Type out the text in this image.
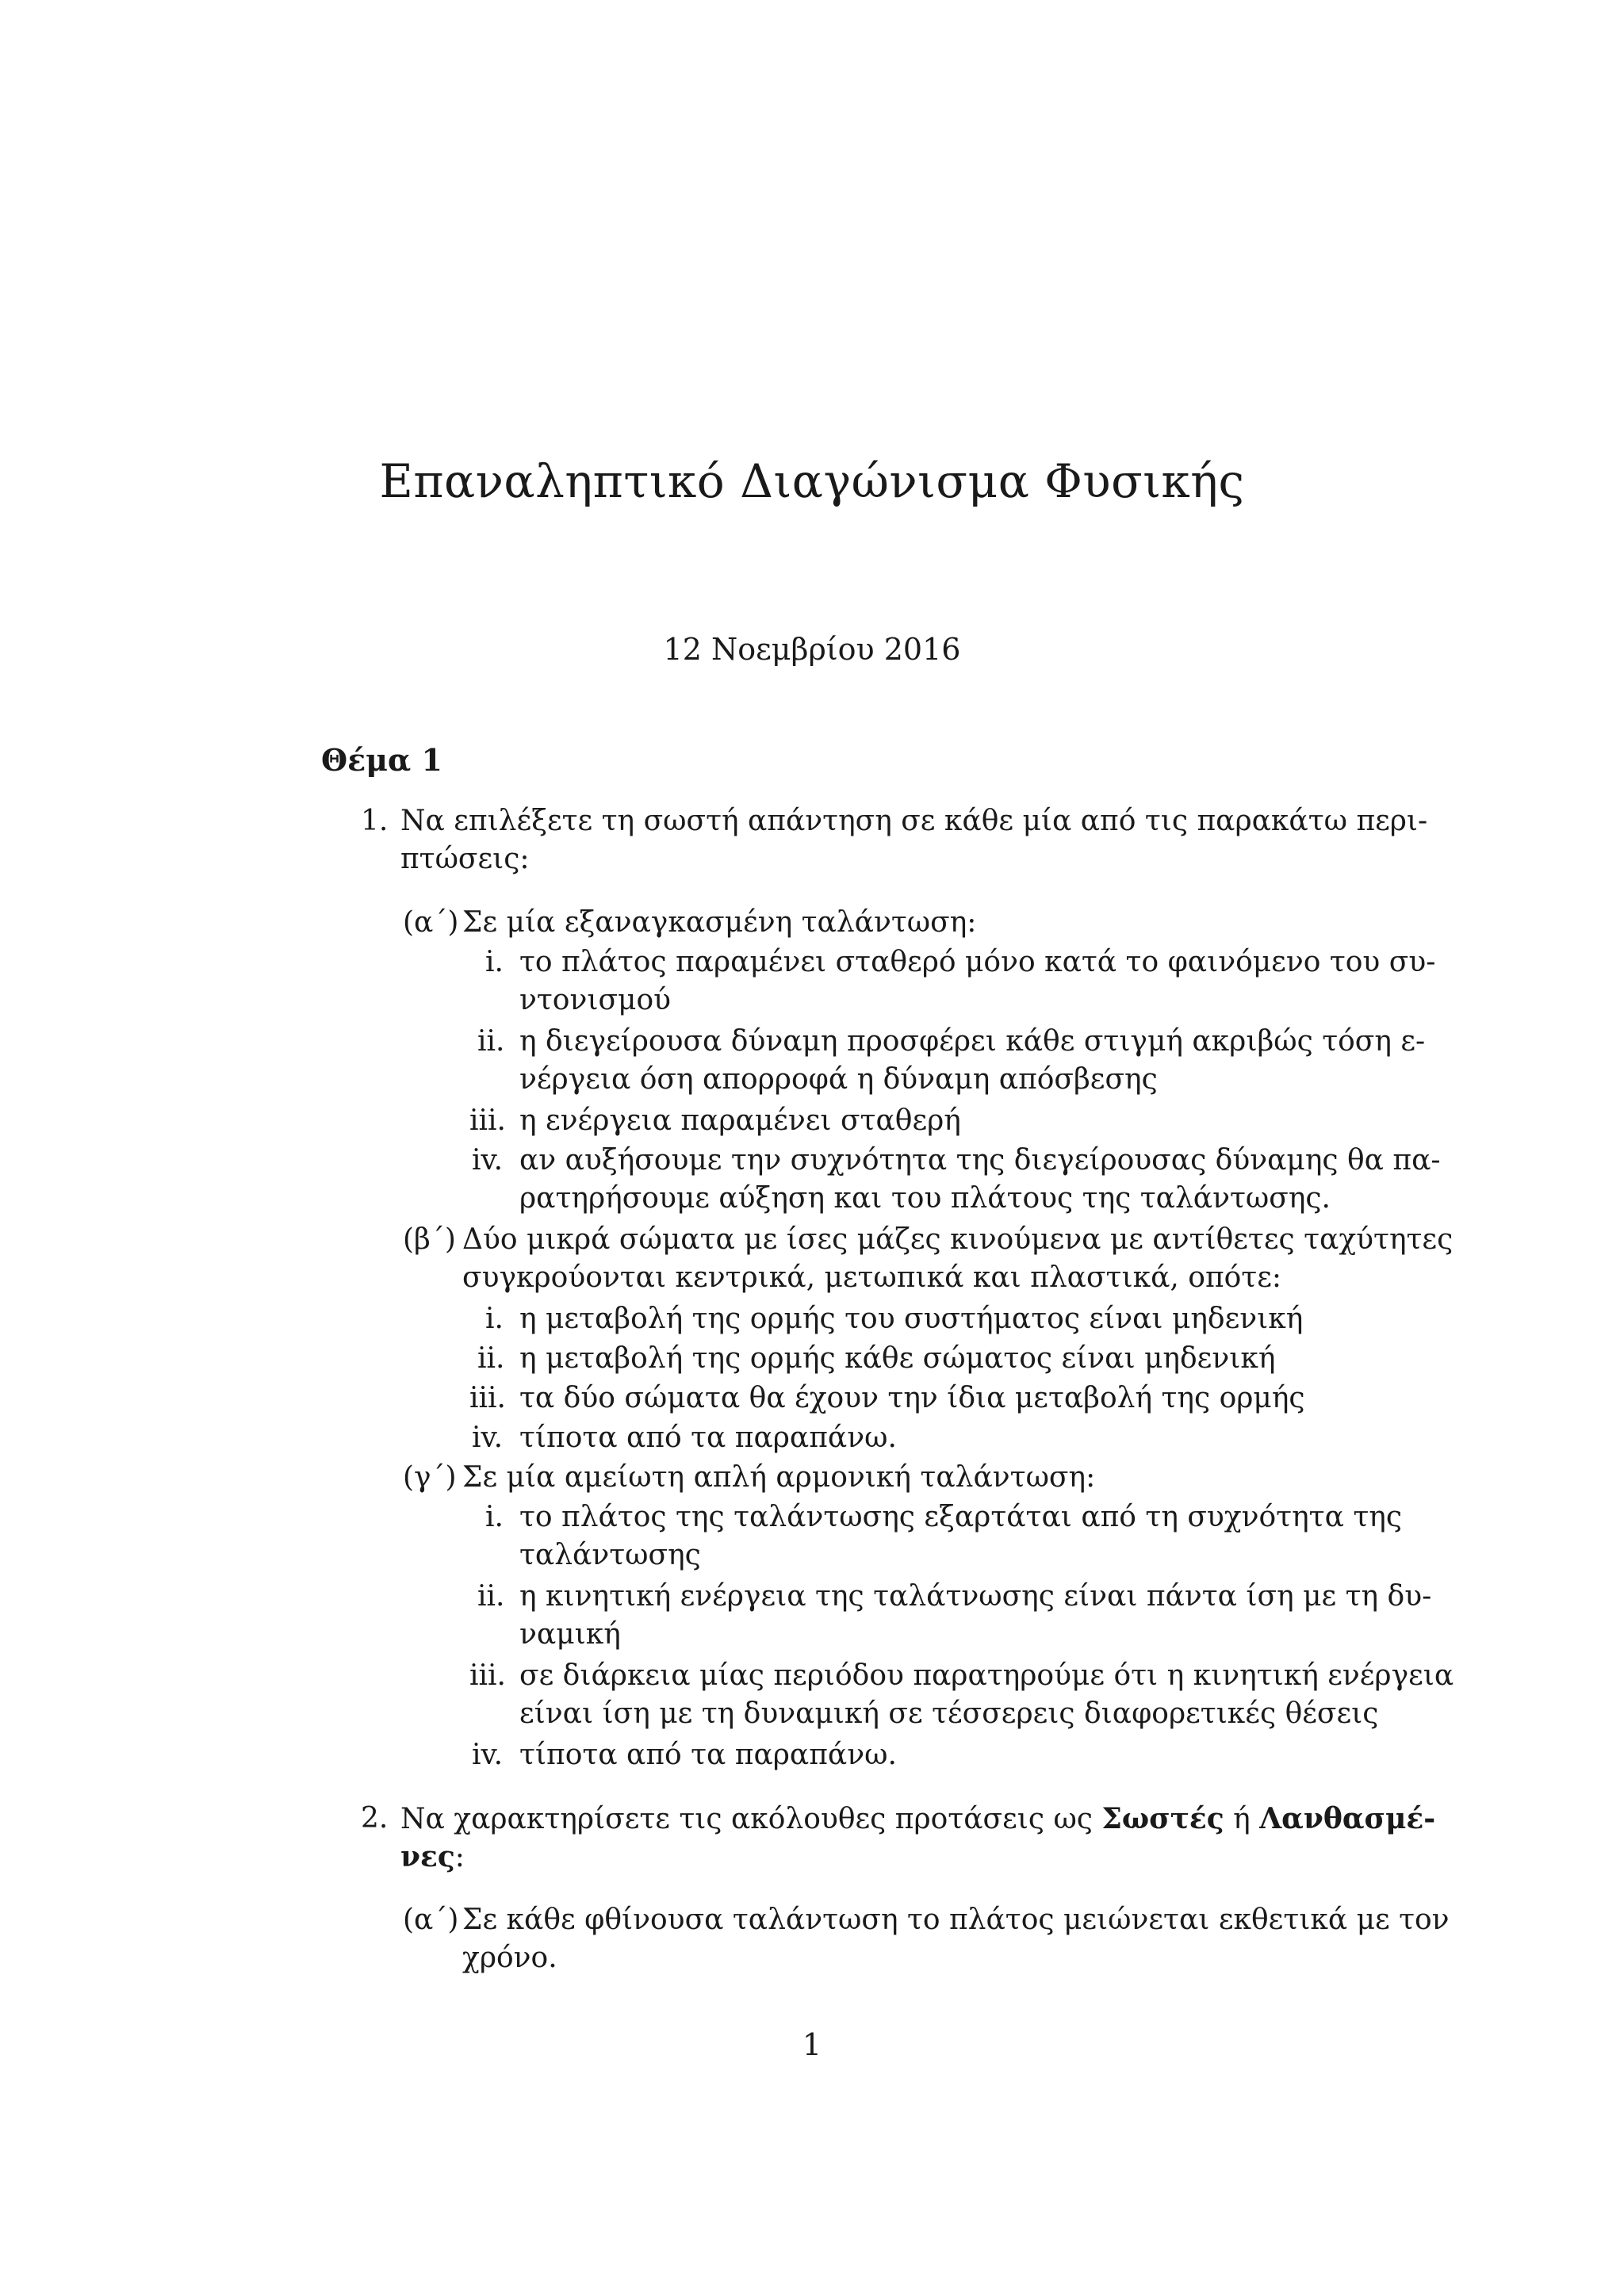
Επαναληπτικό Διαγώνισμα Φυσικής
12 Νοεμβρίου 2016
Θέμα 1
1. Να επιλέξετε τη σωστή απάντηση σε κάθε μία από τις παρακάτω περι-
πτώσεις:
(α΄) Σε μία εξαναγκασμένη ταλάντωση:
i. το πλάτος παραμένει σταθερό μόνο κατά το φαινόμενο του συ-
ντονισμού
ii. η διεγείρουσα δύναμη προσφέρει κάθε στιγμή ακριβώς τόση ε-
νέργεια όση απορροφά η δύναμη απόσβεσης
iii. η ενέργεια παραμένει σταθερή
iv. αν αυξήσουμε την συχνότητα της διεγείρουσας δύναμης θα πα-
ρατηρήσουμε αύξηση και του πλάτους της ταλάντωσης.
(β΄) Δύο μικρά σώματα με ίσες μάζες κινούμενα με αντίθετες ταχύτητες
συγκρούονται κεντρικά, μετωπικά και πλαστικά, οπότε:
i. η μεταβολή της ορμής του συστήματος είναι μηδενική
ii. η μεταβολή της ορμής κάθε σώματος είναι μηδενική
iii. τα δύο σώματα θα έχουν την ίδια μεταβολή της ορμής
iv. τίποτα από τα παραπάνω.
(γ΄) Σε μία αμείωτη απλή αρμονική ταλάντωση:
i. το πλάτος της ταλάντωσης εξαρτάται από τη συχνότητα της
ταλάντωσης
ii. η κινητική ενέργεια της ταλάτνωσης είναι πάντα ίση με τη δυ-
ναμική
iii. σε διάρκεια μίας περιόδου παρατηρούμε ότι η κινητική ενέργεια
είναι ίση με τη δυναμική σε τέσσερεις διαφορετικές θέσεις
iv. τίποτα από τα παραπάνω.
2. Να χαρακτηρίσετε τις ακόλουθες προτάσεις ως Σωστές ή Λανθασμέ-
νες:
(α΄) Σε κάθε φθίνουσα ταλάντωση το πλάτος μειώνεται εκθετικά με τον
χρόνο.
1
